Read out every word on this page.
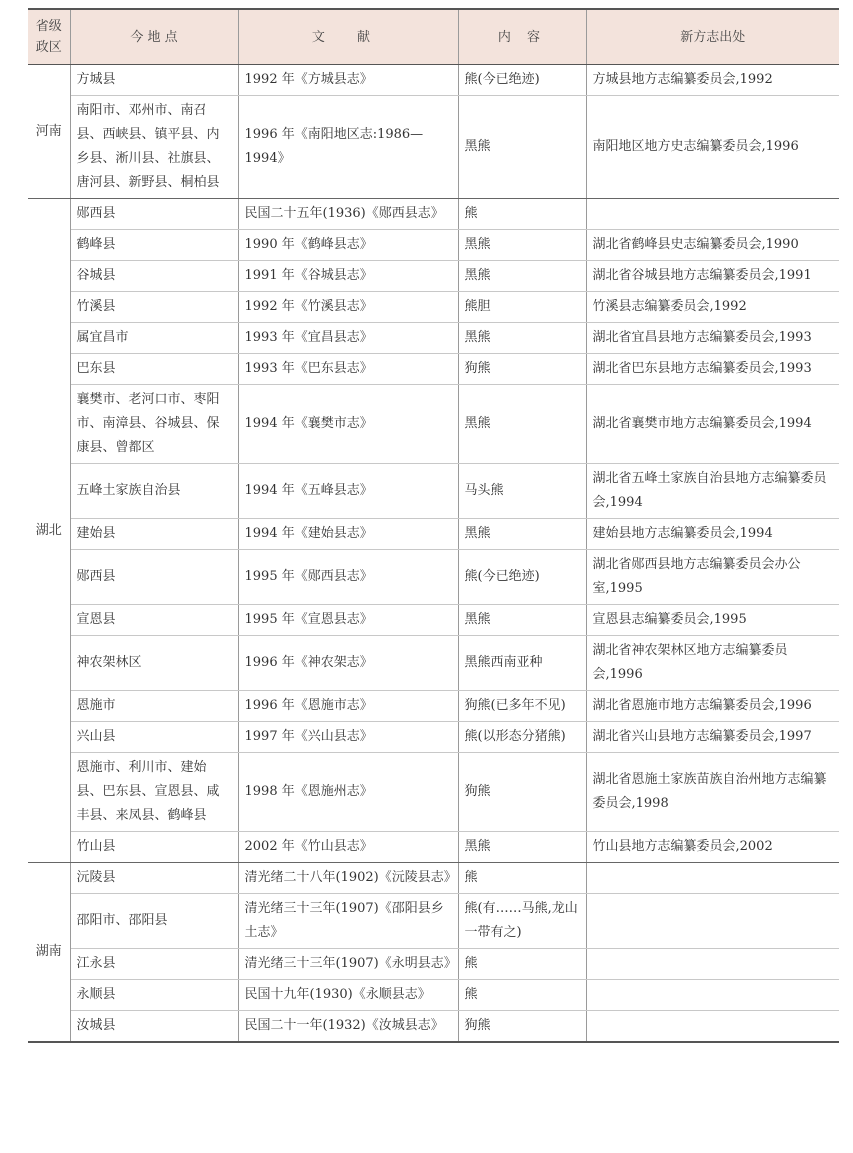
省级政区	今 地 点	文 献	内 容	新方志出处
河南	方城县	1992 年《方城县志》	熊(今已绝迹)	方城县地方志编纂委员会,1992
	南阳市、邓州市、南召县、西峡县、镇平县、内乡县、淅川县、社旗县、唐河县、新野县、桐柏县	1996 年《南阳地区志:1986—1994》	黑熊	南阳地区地方史志编纂委员会,1996
湖北	郧西县	民国二十五年(1936)《郧西县志》	熊	
	鹤峰县	1990 年《鹤峰县志》	黑熊	湖北省鹤峰县史志编纂委员会,1990
	谷城县	1991 年《谷城县志》	黑熊	湖北省谷城县地方志编纂委员会,1991
	竹溪县	1992 年《竹溪县志》	熊胆	竹溪县志编纂委员会,1992
	属宜昌市	1993 年《宜昌县志》	黑熊	湖北省宜昌县地方志编纂委员会,1993
	巴东县	1993 年《巴东县志》	狗熊	湖北省巴东县地方志编纂委员会,1993
	襄樊市、老河口市、枣阳市、南漳县、谷城县、保康县、曾都区	1994 年《襄樊市志》	黑熊	湖北省襄樊市地方志编纂委员会,1994
	五峰土家族自治县	1994 年《五峰县志》	马头熊	湖北省五峰土家族自治县地方志编纂委员会,1994
	建始县	1994 年《建始县志》	黑熊	建始县地方志编纂委员会,1994
	郧西县	1995 年《郧西县志》	熊(今已绝迹)	湖北省郧西县地方志编纂委员会办公室,1995
	宣恩县	1995 年《宣恩县志》	黑熊	宣恩县志编纂委员会,1995
	神农架林区	1996 年《神农架志》	黑熊西南亚种	湖北省神农架林区地方志编纂委员会,1996
	恩施市	1996 年《恩施市志》	狗熊(已多年不见)	湖北省恩施市地方志编纂委员会,1996
	兴山县	1997 年《兴山县志》	熊(以形态分猪熊)	湖北省兴山县地方志编纂委员会,1997
	恩施市、利川市、建始县、巴东县、宣恩县、咸丰县、来凤县、鹤峰县	1998 年《恩施州志》	狗熊	湖北省恩施土家族苗族自治州地方志编纂委员会,1998
	竹山县	2002 年《竹山县志》	黑熊	竹山县地方志编纂委员会,2002
湖南	沅陵县	清光绪二十八年(1902)《沅陵县志》	熊	
	邵阳市、邵阳县	清光绪三十三年(1907)《邵阳县乡土志》	熊(有……马熊,龙山一带有之)	
	江永县	清光绪三十三年(1907)《永明县志》	熊	
	永顺县	民国十九年(1930)《永顺县志》	熊	
	汝城县	民国二十一年(1932)《汝城县志》	狗熊	
